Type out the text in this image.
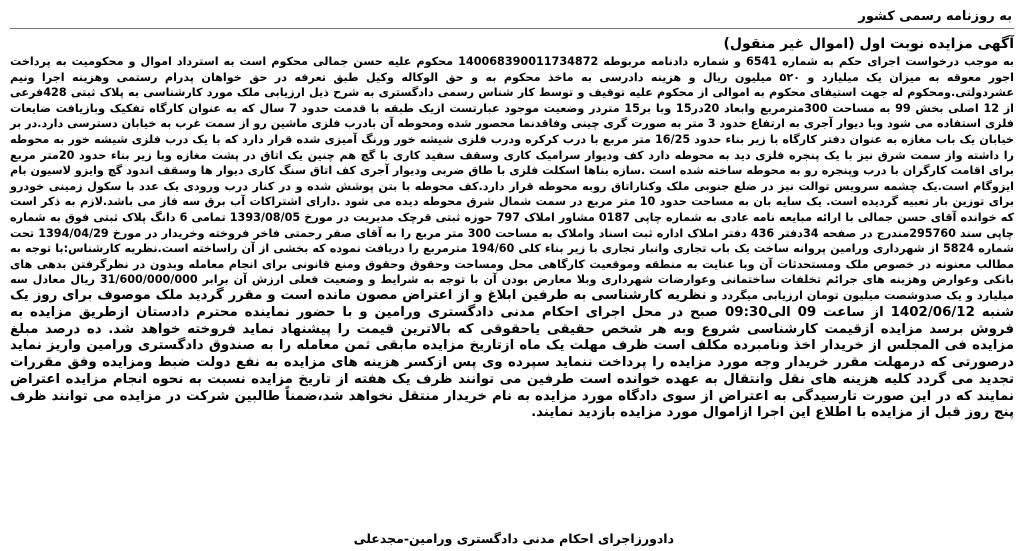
به روزنامه رسمی کشور
آگهی مزایده نوبت اول (اموال غیر منقول)
به موجب درخواست اجرای حکم به شماره 6541 و شماره دادنامه مربوطه 140068390011734872 محکوم علیه حسن جمالی محکوم است به استرداد اموال و محکومیت به پرداخت اجور معوقه به میزان یک میلیارد و ۵۲۰ میلیون ریال و هزینه دادرسی به ماخذ محکوم به و حق الوکاله وکیل طبق تعرفه در حق خواهان پدرام رستمی وهزینه اجرا ونیم عشردولتی.ومحکوم له جهت استیفای محکوم به اموالی از محکوم علیه توقیف و توسط کار شناس رسمی دادگستری به شرح ذیل ارزیابی ملک مورد کارشناسی به پلاک ثبتی 428فرعی از 12 اصلی بخش 99 به مساحت 300مترمربع وابعاد 20در15 وبا بر15 متردر وضعیت موجود عبارتست ازیک طبقه با قدمت حدود 7 سال که به عنوان کارگاه تفکیک وبازیافت ضایعات فلزی استفاده می شود وبا دیوار آجری به ارتفاع حدود 3 متر به صورت گری چینی وفاقدنما محصور شده ومحوطه آن بادرب فلزی ماشین رو از سمت غرب به خیابان دسترسی دارد.در بر خیابان یک باب مغازه به عنوان دفتر کارگاه با زیر بناء حدود 16/25 متر مربع با درب کرکره ودرب فلزی شیشه خور ورنگ آمیزی شده قرار دارد که با یک درب فلزی شیشه خور به محوطه را داشته واز سمت شرق نیز با یک پنجره فلزی دید به محوطه دارد کف ودیوار سرامیک کاری وسقف سفید کاری با گچ هم چنین یک اتاق در پشت مغازه وبا زیر بناء حدود 20متر مربع برای اقامت کارگران با درب وپنجره رو به محوطه ساخته شده است .سازه بناها اسکلت فلزی با طاق ضربی ودیوار آجری کف اتاق سنگ کاری دیوار ها وسقف اندود گچ وایزو لاسیون بام ایزوگام است.یک چشمه سرویس توالت نیز در ضلع جنوبی ملک وکناراتاق روبه محوطه قرار دارد.کف محوطه با بتن پوشش شده و در کنار درب ورودی یک عدد با سکول زمینی خودرو برای توزین بار تعبیه گردیده است. یک سایه بان به مساحت حدود 10 متر مربع در سمت شمال شرق محوطه دیده می شود .دارای اشتراکات آب برق سه فاز می باشد.لازم به ذکر است که خوانده آقای حسن جمالی با ارائه مبایعه نامه عادی به شماره چاپی 0187 مشاور املاک 797 حوزه ثبتی قرچک مدیریت در مورخ 1393/08/05 تمامی 6 دانگ پلاک ثبتی فوق به شماره چاپی سند 295760مندرج در صفحه 34دفتر 436 دفتر املاک اداره ثبت اسناد واملاک به مساحت 300 متر مربع را به آقای صفر رحمتی فاخر فروخته وخریدار در مورخ 1394/04/29 تحت شماره 5824 از شهرداری ورامین پروانه ساخت یک باب تجاری وانبار تجاری با زیر بناء کلی 194/60 مترمربع را دریافت نموده که بخشی از آن راساخته است.نظریه کارشناس:با توجه به مطالب معنونه در خصوص ملک ومستحدثات آن وبا عنایت به منطقه وموقعیت کارگاهی محل ومساحت وحقوق وحقوق ومنع قانونی برای انجام معامله وبدون در نظرگرفتن بدهی های بانکی وعوارض وهزینه های جرائم تخلفات ساختمانی وعوارضات شهرداری وبلا معارض بودن آن با توجه به شرایط و وضعیت فعلی ارزش آن برابر 31/600/000/000 ریال معادل سه میلیارد و یک صدوشصت میلیون تومان ارزیابی میگردد و نظریه کارشناسی به طرفین ابلاغ و از اعتراض مصون مانده است و مقرر گردید ملک موصوف برای روز یک شنبه 1402/06/12 از ساعت 09 الی09:30 صبح در محل اجرای احکام مدنی دادگستری ورامین و با حضور نماینده محترم دادستان ازطریق مزایده به فروش برسد مزایده ازقیمت کارشناسی شروع وبه هر شخص حقیقی یاحقوقی که بالاترین قیمت را پیشنهاد نماید فروخته خواهد شد. ده درصد مبلغ مزایده فی المجلس از خریدار اخذ ونامبرده مکلف است ظرف مهلت یک ماه ازتاریخ مزایده مابقی ثمن معامله را به صندوق دادگستری ورامین واریز نماید درصورتی که درمهلت مقرر خریدار وجه مورد مزایده را پرداخت ننماید سپرده وی پس ازکسر هزینه های مزایده به نفع دولت ضبط ومزایده وفق مقررات تجدید می گردد کلیه هزینه های نقل وانتقال به عهده خوانده است طرفین می توانند ظرف یک هفته از تاریخ مزایده نسبت به نحوه انجام مزایده اعتراض نمایند که در این صورت تارسیدگی به اعتراض از سوی دادگاه مورد مزایده به نام خریدار منتقل نخواهد شد،ضمناً طالبین شرکت در مزایده می توانند ظرف پنج روز قبل از مزایده با اطلاع این اجرا ازاموال مورد مزایده بازدید نمایند.
دادورزاجرای احکام مدنی دادگستری ورامین-مجدعلی
